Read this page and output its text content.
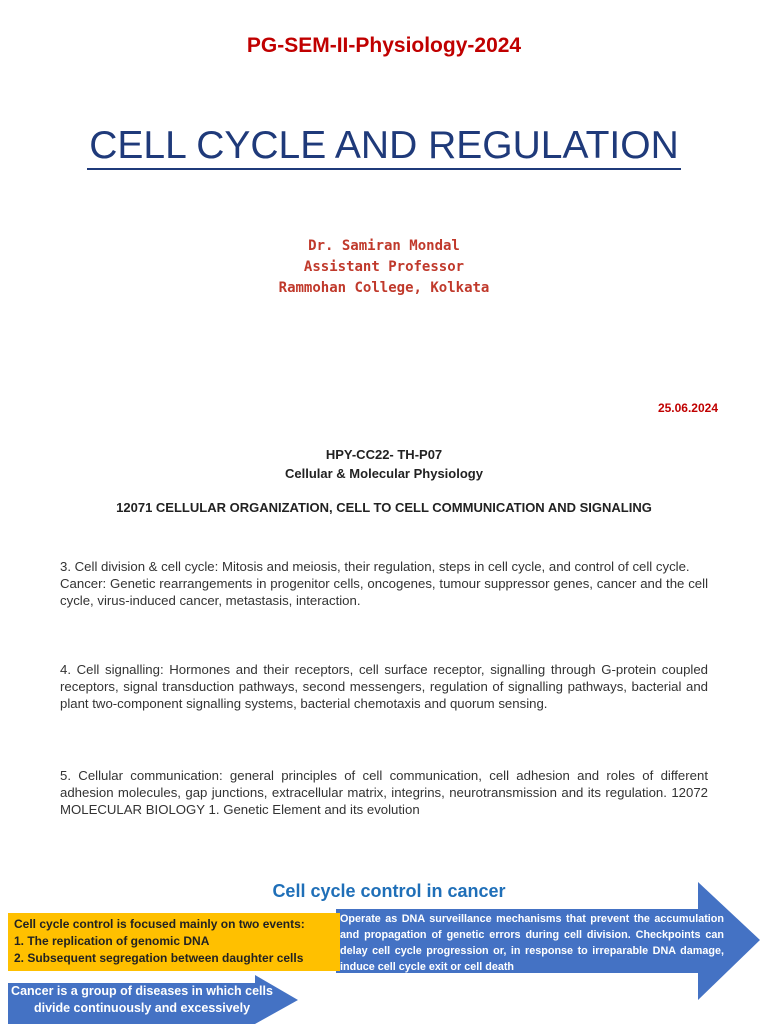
PG-SEM-II-Physiology-2024
CELL CYCLE AND REGULATION
Dr. Samiran Mondal
Assistant Professor
Rammohan College, Kolkata
25.06.2024
HPY-CC22- TH-P07
Cellular & Molecular Physiology
12071 CELLULAR ORGANIZATION, CELL TO CELL COMMUNICATION AND SIGNALING
3. Cell division & cell cycle: Mitosis and meiosis, their regulation, steps in cell cycle, and control of cell cycle.
Cancer: Genetic rearrangements in progenitor cells, oncogenes, tumour suppressor genes, cancer and the cell cycle, virus-induced cancer, metastasis, interaction.
4. Cell signalling: Hormones and their receptors, cell surface receptor, signalling through G-protein coupled receptors, signal transduction pathways, second messengers, regulation of signalling pathways, bacterial and plant two-component signalling systems, bacterial chemotaxis and quorum sensing.
5. Cellular communication: general principles of cell communication, cell adhesion and roles of different adhesion molecules, gap junctions, extracellular matrix, integrins, neurotransmission and its regulation. 12072 MOLECULAR BIOLOGY 1. Genetic Element and its evolution
Cell cycle control in cancer
Cell cycle control is focused mainly on two events:
1. The replication of genomic DNA
2. Subsequent segregation between daughter cells
Operate as DNA surveillance mechanisms that prevent the accumulation and propagation of genetic errors during cell division. Checkpoints can delay cell cycle progression or, in response to irreparable DNA damage, induce cell cycle exit or cell death
Cancer is a group of diseases in which cells divide continuously and excessively
